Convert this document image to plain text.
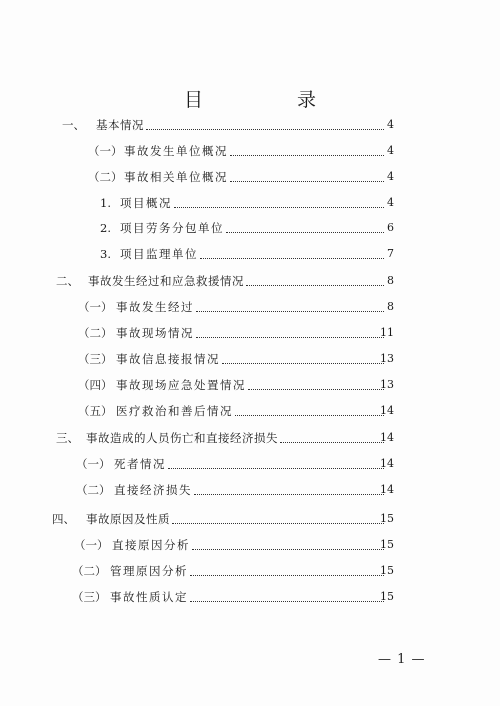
目 录
一、 基本情况	4
（一） 事故发生单位概况	4
（二） 事故相关单位概况	4
1. 项目概况	4
2. 项目劳务分包单位	6
3. 项目监理单位	7
二、 事故发生经过和应急救援情况	8
（一） 事故发生经过	8
（二） 事故现场情况	11
（三） 事故信息接报情况	13
（四） 事故现场应急处置情况	13
（五） 医疗救治和善后情况	14
三、 事故造成的人员伤亡和直接经济损失	14
（一） 死者情况	14
（二） 直接经济损失	14
四、 事故原因及性质	15
（一） 直接原因分析	15
（二） 管理原因分析	15
（三） 事故性质认定	15
— 1 —
